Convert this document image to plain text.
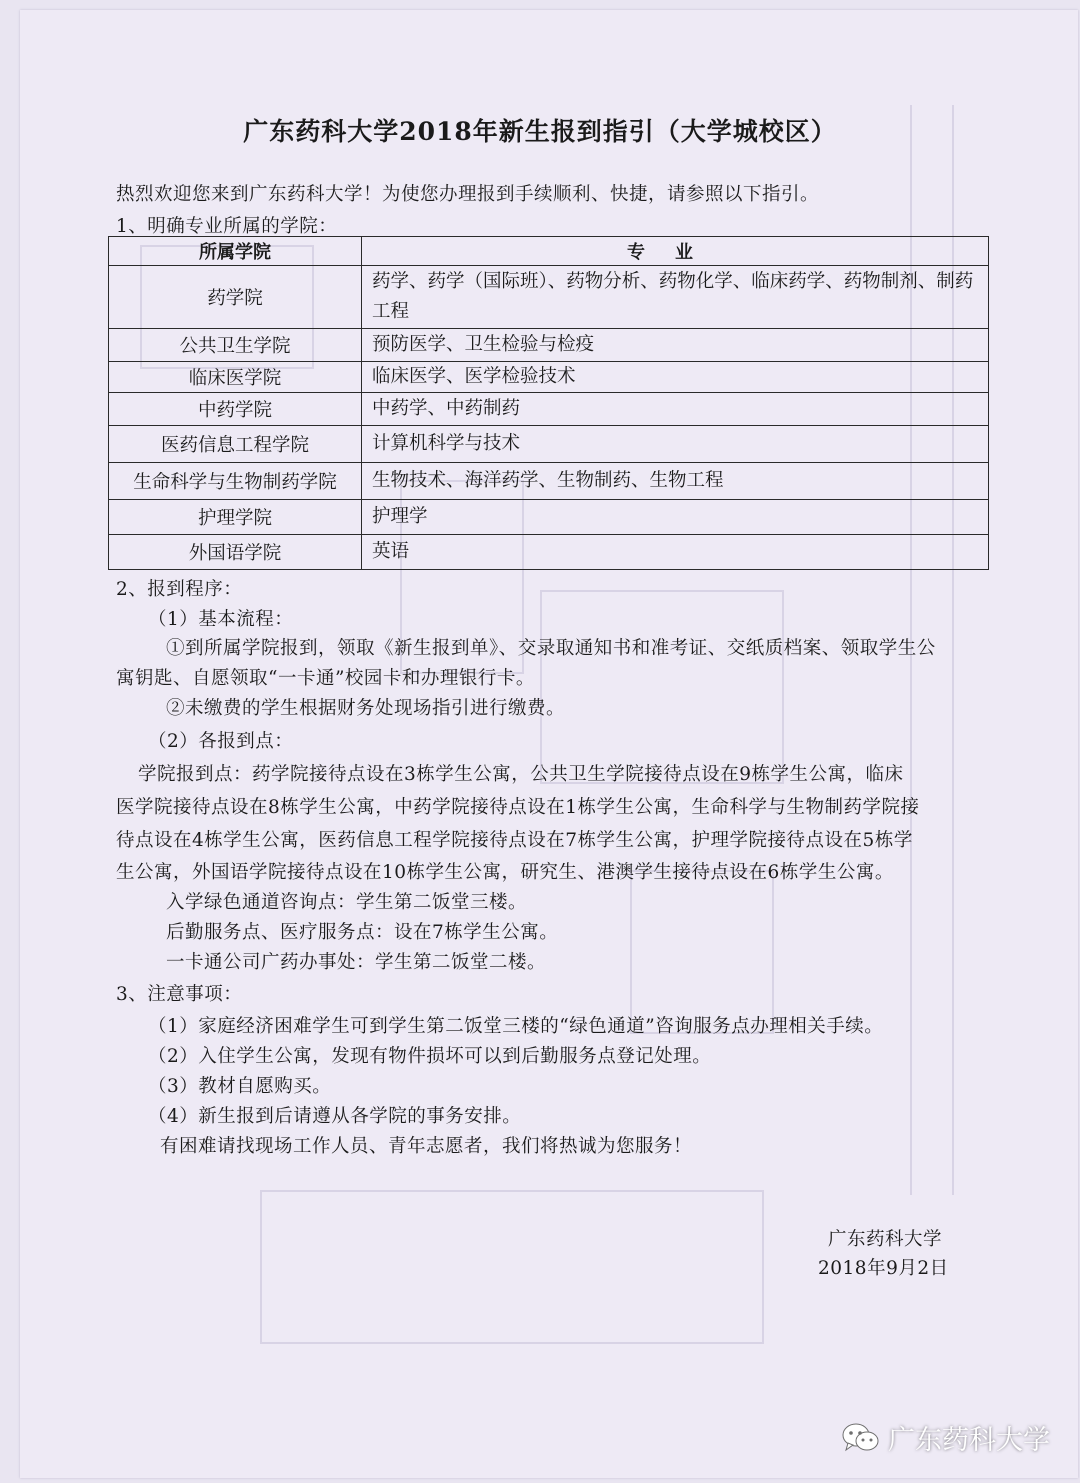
广东药科大学2018年新生报到指引（大学城校区）
热烈欢迎您来到广东药科大学！为使您办理报到手续顺利、快捷，请参照以下指引。
1、明确专业所属的学院：
所属学院	专业
药学院	药学、药学（国际班）、药物分析、药物化学、临床药学、药物制剂、制药工程
公共卫生学院	预防医学、卫生检验与检疫
临床医学院	临床医学、医学检验技术
中药学院	中药学、中药制药
医药信息工程学院	计算机科学与技术
生命科学与生物制药学院	生物技术、海洋药学、生物制药、生物工程
护理学院	护理学
外国语学院	英语
2、报到程序：
（1）基本流程：
①到所属学院报到，领取《新生报到单》、交录取通知书和准考证、交纸质档案、领取学生公
寓钥匙、自愿领取“一卡通”校园卡和办理银行卡。
②未缴费的学生根据财务处现场指引进行缴费。
（2）各报到点：
学院报到点：药学院接待点设在3栋学生公寓，公共卫生学院接待点设在9栋学生公寓，临床
医学院接待点设在8栋学生公寓，中药学院接待点设在1栋学生公寓，生命科学与生物制药学院接
待点设在4栋学生公寓，医药信息工程学院接待点设在7栋学生公寓，护理学院接待点设在5栋学
生公寓，外国语学院接待点设在10栋学生公寓，研究生、港澳学生接待点设在6栋学生公寓。
入学绿色通道咨询点：学生第二饭堂三楼。
后勤服务点、医疗服务点：设在7栋学生公寓。
一卡通公司广药办事处：学生第二饭堂二楼。
3、注意事项：
（1）家庭经济困难学生可到学生第二饭堂三楼的“绿色通道”咨询服务点办理相关手续。
（2）入住学生公寓，发现有物件损坏可以到后勤服务点登记处理。
（3）教材自愿购买。
（4）新生报到后请遵从各学院的事务安排。
有困难请找现场工作人员、青年志愿者，我们将热诚为您服务！
广东药科大学
2018年9月2日
广东药科大学
